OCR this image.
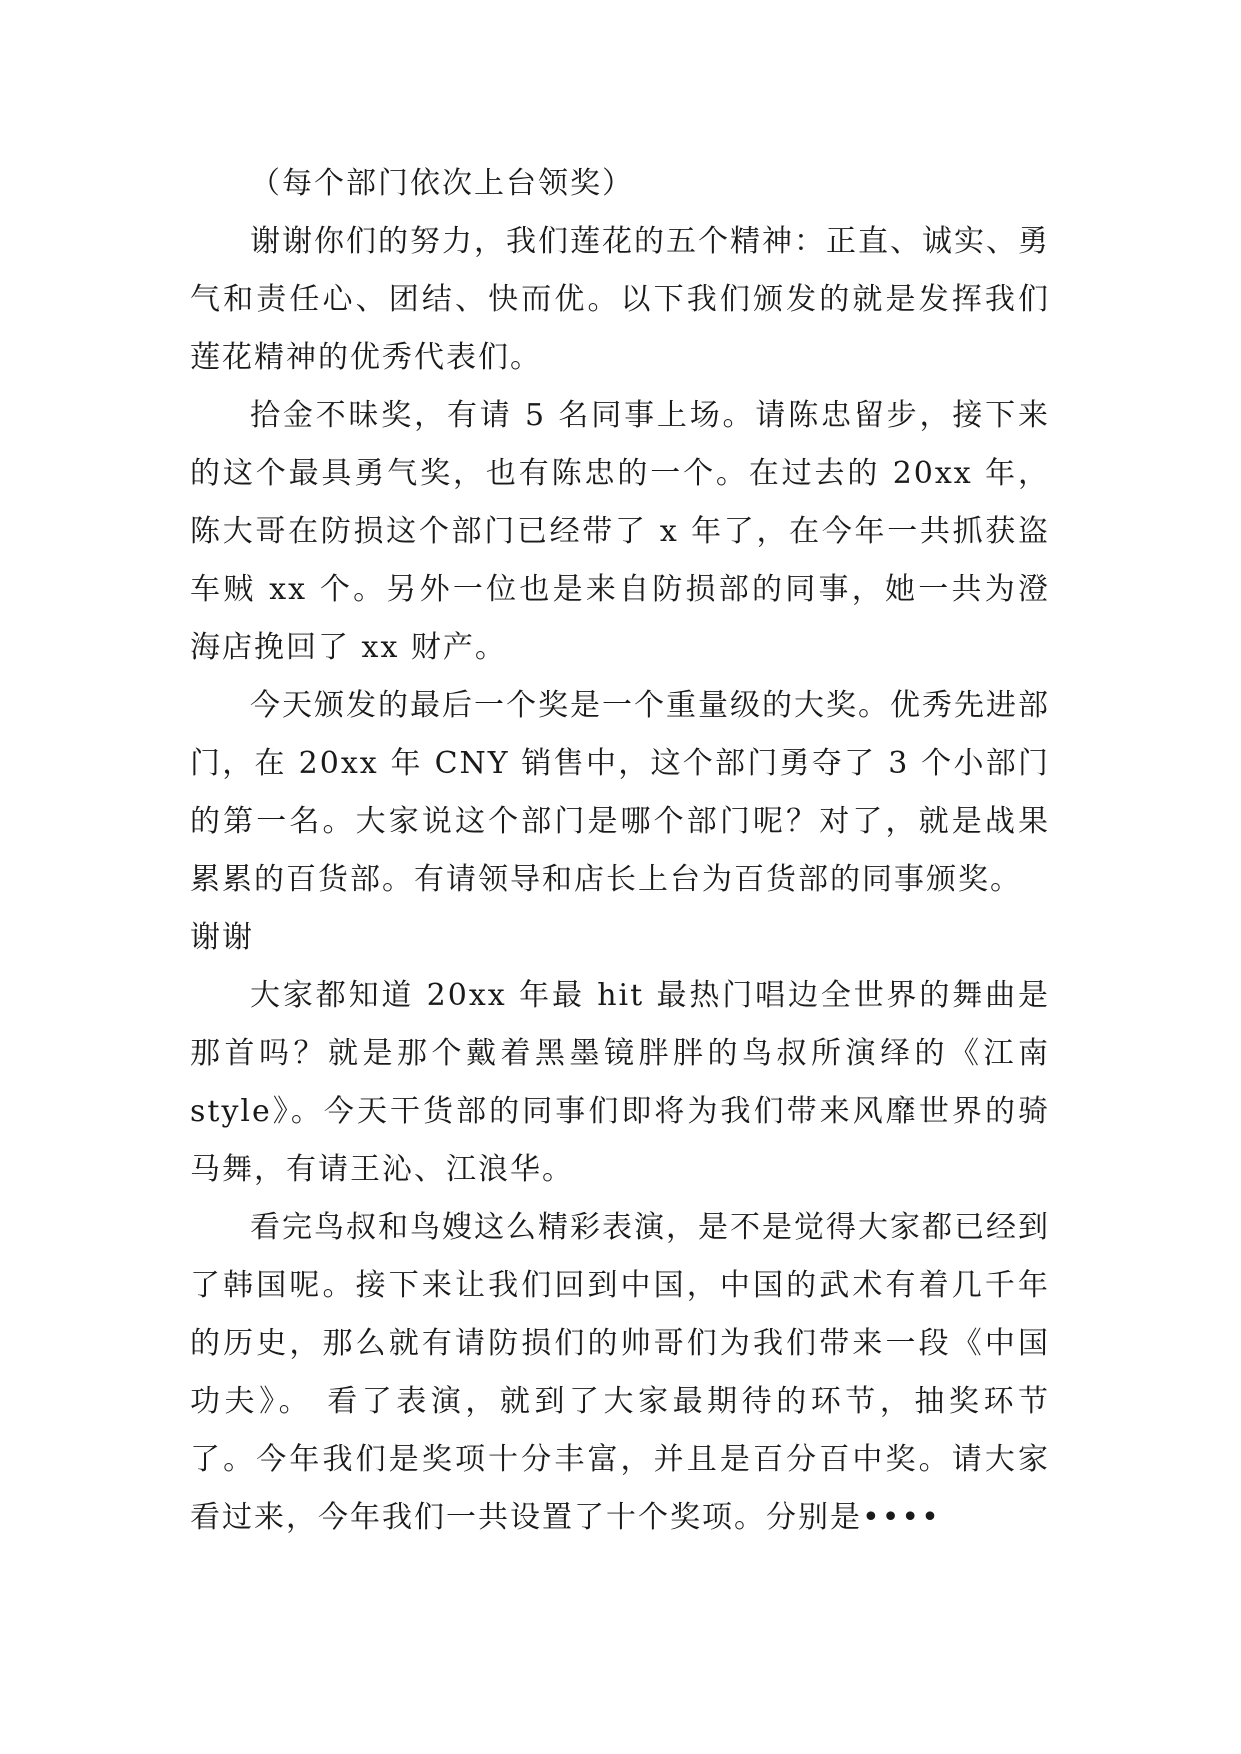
（每个部门依次上台领奖）

谢谢你们的努力，我们莲花的五个精神：正直、诚实、勇气和责任心、团结、快而优。以下我们颁发的就是发挥我们莲花精神的优秀代表们。

拾金不昧奖，有请 5 名同事上场。请陈忠留步，接下来的这个最具勇气奖，也有陈忠的一个。在过去的 20xx 年，陈大哥在防损这个部门已经带了 x 年了，在今年一共抓获盗车贼 xx 个。另外一位也是来自防损部的同事，她一共为澄海店挽回了 xx 财产。

今天颁发的最后一个奖是一个重量级的大奖。优秀先进部门，在 20xx 年 CNY 销售中，这个部门勇夺了 3 个小部门的第一名。大家说这个部门是哪个部门呢？对了，就是战果累累的百货部。有请领导和店长上台为百货部的同事颁奖。

谢谢

大家都知道 20xx 年最 hit 最热门唱边全世界的舞曲是那首吗？就是那个戴着黑墨镜胖胖的鸟叔所演绎的《江南 style》。今天干货部的同事们即将为我们带来风靡世界的骑马舞，有请王沁、江浪华。

看完鸟叔和鸟嫂这么精彩表演，是不是觉得大家都已经到了韩国呢。接下来让我们回到中国，中国的武术有着几千年的历史，那么就有请防损们的帅哥们为我们带来一段《中国功夫》。 看了表演，就到了大家最期待的环节，抽奖环节了。今年我们是奖项十分丰富，并且是百分百中奖。请大家看过来，今年我们一共设置了十个奖项。分别是••••
